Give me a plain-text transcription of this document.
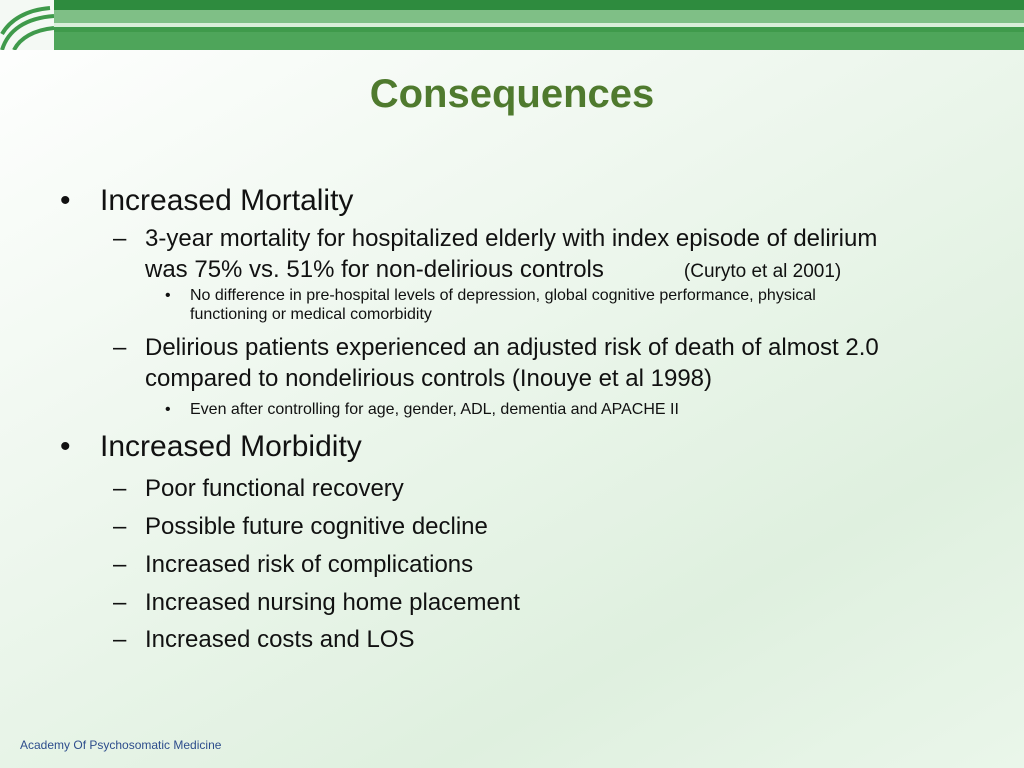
Consequences
• Increased Mortality
– 3-year mortality for hospitalized elderly with index episode of delirium
was 75% vs. 51% for non-delirious controls	(Curyto et al 2001)
• No difference in pre-hospital levels of depression, global cognitive performance, physical
functioning or medical comorbidity
– Delirious patients experienced an adjusted risk of death of almost 2.0
compared to nondelirious controls (Inouye et al 1998)
• Even after controlling for age, gender, ADL, dementia and APACHE II
• Increased Morbidity
– Poor functional recovery
– Possible future cognitive decline
– Increased risk of complications
– Increased nursing home placement
– Increased costs and LOS
Academy Of Psychosomatic Medicine
